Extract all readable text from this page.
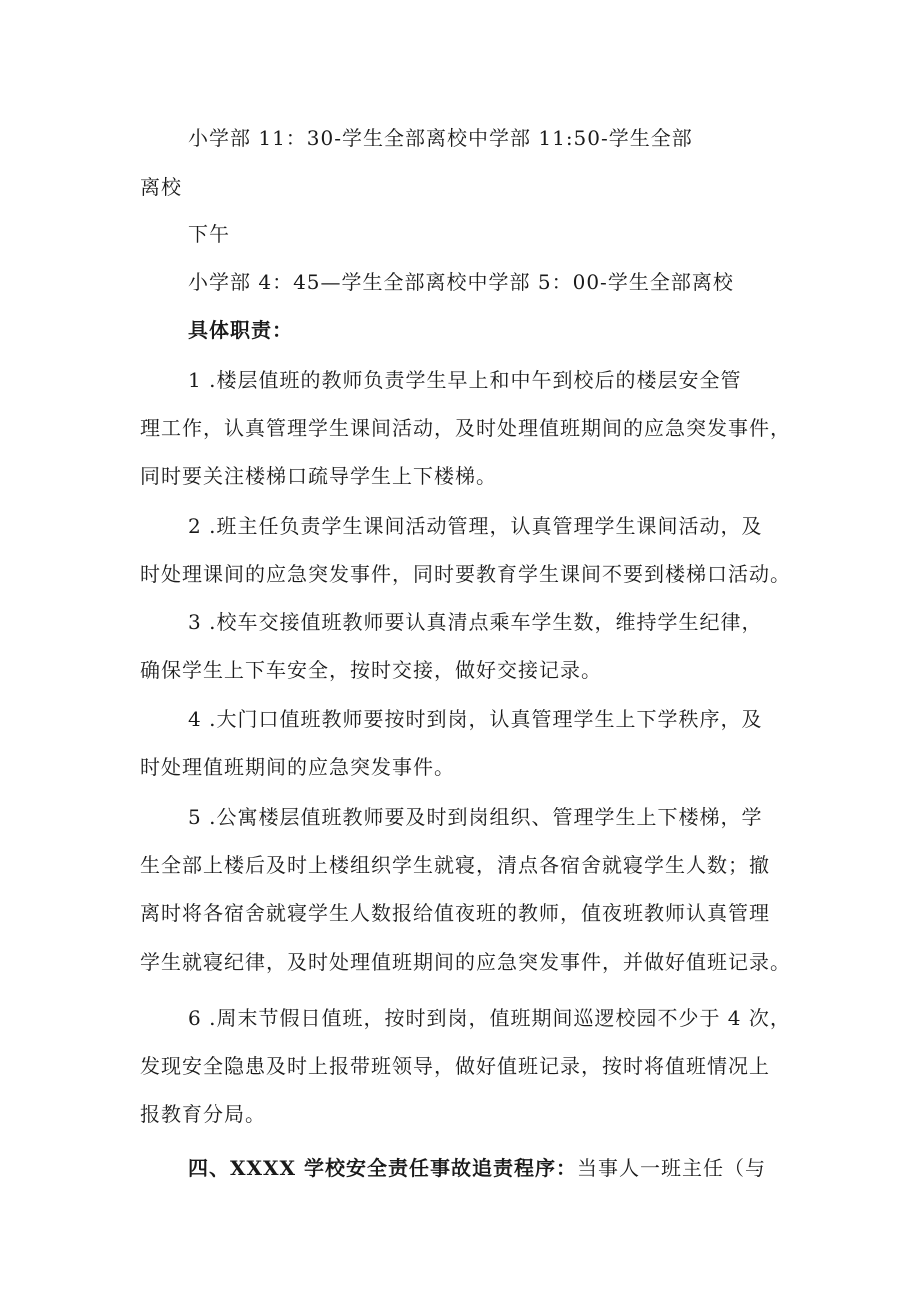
小学部 11：30-学生全部离校中学部 11:50-学生全部
离校
下午
小学部 4：45—学生全部离校中学部 5：00-学生全部离校
具体职责：
1 .楼层值班的教师负责学生早上和中午到校后的楼层安全管
理工作，认真管理学生课间活动，及时处理值班期间的应急突发事件，
同时要关注楼梯口疏导学生上下楼梯。
2 .班主任负责学生课间活动管理，认真管理学生课间活动，及
时处理课间的应急突发事件，同时要教育学生课间不要到楼梯口活动。
3 .校车交接值班教师要认真清点乘车学生数，维持学生纪律，
确保学生上下车安全，按时交接，做好交接记录。
4 .大门口值班教师要按时到岗，认真管理学生上下学秩序，及
时处理值班期间的应急突发事件。
5 .公寓楼层值班教师要及时到岗组织、管理学生上下楼梯，学
生全部上楼后及时上楼组织学生就寝，清点各宿舍就寝学生人数；撤
离时将各宿舍就寝学生人数报给值夜班的教师，值夜班教师认真管理
学生就寝纪律，及时处理值班期间的应急突发事件，并做好值班记录。
6 .周末节假日值班，按时到岗，值班期间巡逻校园不少于 4 次，
发现安全隐患及时上报带班领导，做好值班记录，按时将值班情况上
报教育分局。
四、XXXX 学校安全责任事故追责程序：当事人一班主任（与
